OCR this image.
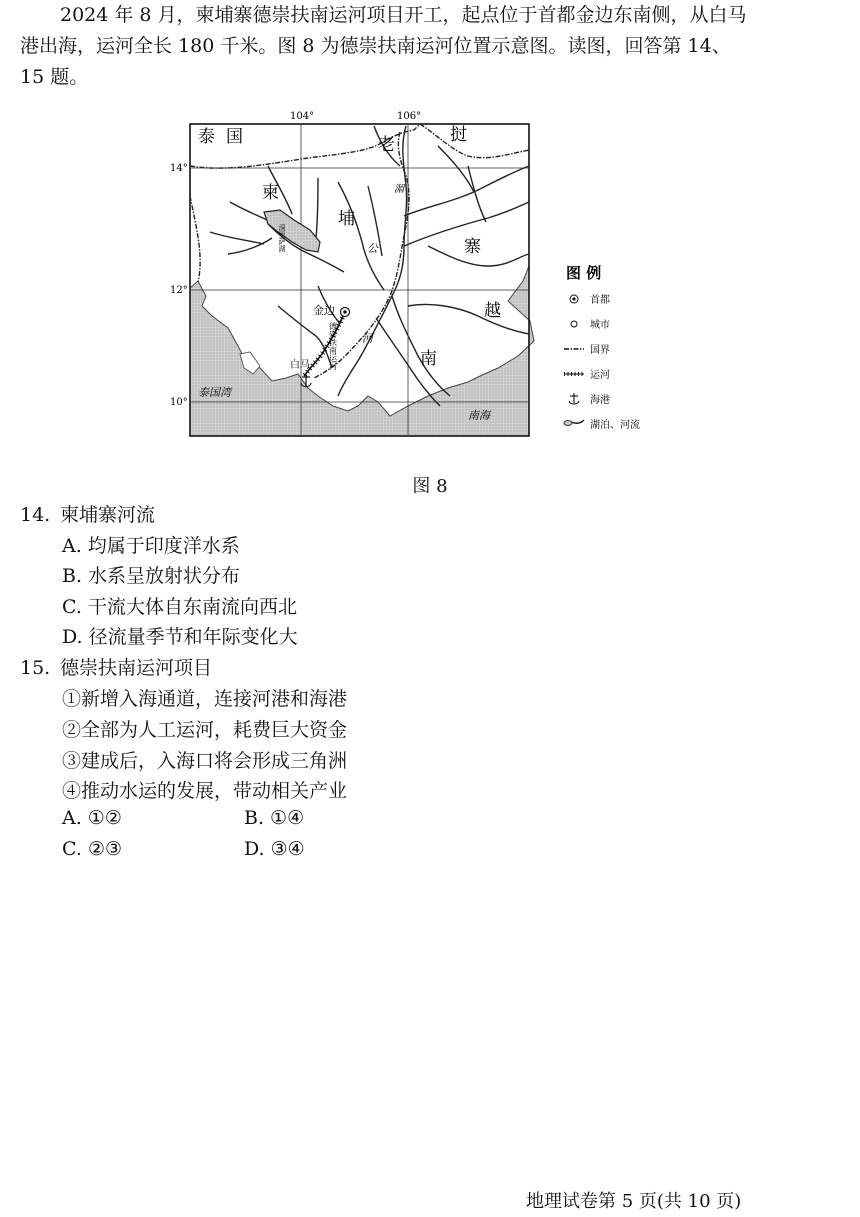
2024 年 8 月，柬埔寨德崇扶南运河项目开工，起点位于首都金边东南侧，从白马
港出海，运河全长 180 千米。图 8 为德崇扶南运河位置示意图。读图，回答第 14、
15 题。
104°	106°
14°
12°
10°
泰 国	老	挝
柬
埔
寨
越
南
湄
公
河
洞里萨湖
德崇扶南运河
金边
白马
泰国湾
南海
图 例
首都
城市
国界
运河
海港
湖泊、河流
图 8
14. 柬埔寨河流
A. 均属于印度洋水系
B. 水系呈放射状分布
C. 干流大体自东南流向西北
D. 径流量季节和年际变化大
15. 德崇扶南运河项目
①新增入海通道，连接河港和海港
②全部为人工运河，耗费巨大资金
③建成后，入海口将会形成三角洲
④推动水运的发展，带动相关产业
A. ①②	B. ①④
C. ②③	D. ③④
地理试卷第 5 页(共 10 页)
